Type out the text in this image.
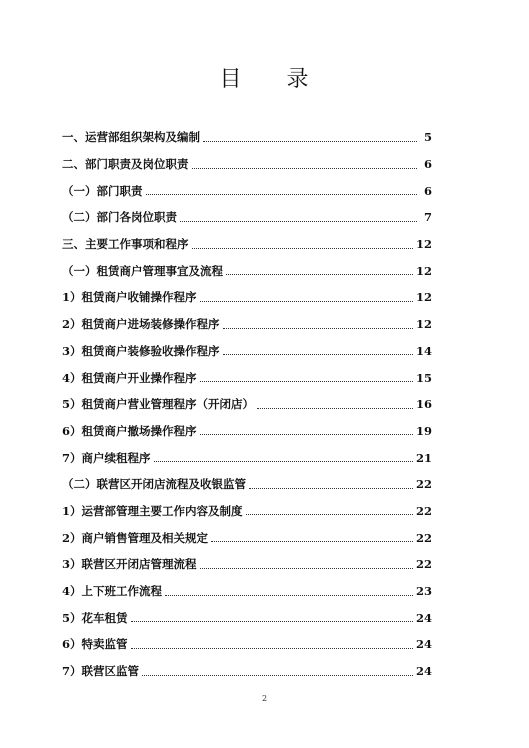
目 录
一、运营部组织架构及编制	5
二、部门职责及岗位职责	6
（一）部门职责	6
（二）部门各岗位职责	7
三、主要工作事项和程序	12
（一）租赁商户管理事宜及流程	12
1）租赁商户收铺操作程序	12
2）租赁商户进场装修操作程序	12
3）租赁商户装修验收操作程序	14
4）租赁商户开业操作程序	15
5）租赁商户营业管理程序（开闭店）	16
6）租赁商户撤场操作程序	19
7）商户续租程序	21
（二）联营区开闭店流程及收银监管	22
1）运营部管理主要工作内容及制度	22
2）商户销售管理及相关规定	22
3）联营区开闭店管理流程	22
4）上下班工作流程	23
5）花车租赁	24
6）特卖监管	24
7）联营区监管	24
2
